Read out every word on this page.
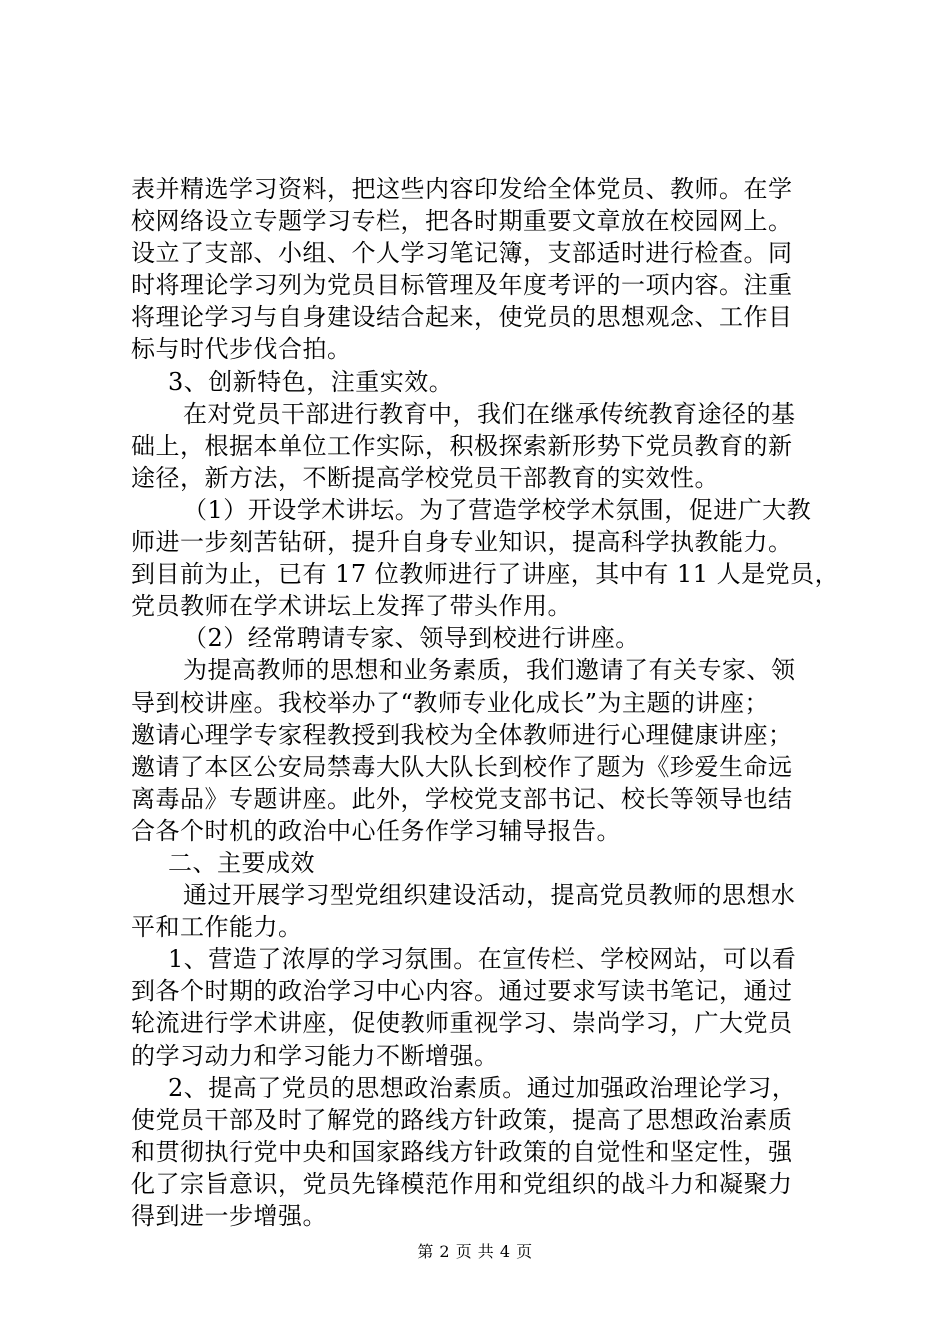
表并精选学习资料，把这些内容印发给全体党员、教师。在学
校网络设立专题学习专栏，把各时期重要文章放在校园网上。
设立了支部、小组、个人学习笔记簿，支部适时进行检查。同
时将理论学习列为党员目标管理及年度考评的一项内容。注重
将理论学习与自身建设结合起来，使党员的思想观念、工作目
标与时代步伐合拍。
3、创新特色，注重实效。
在对党员干部进行教育中，我们在继承传统教育途径的基
础上，根据本单位工作实际，积极探索新形势下党员教育的新
途径，新方法，不断提高学校党员干部教育的实效性。
（1）开设学术讲坛。为了营造学校学术氛围，促进广大教
师进一步刻苦钻研，提升自身专业知识，提高科学执教能力。
到目前为止，已有 17 位教师进行了讲座，其中有 11 人是党员，
党员教师在学术讲坛上发挥了带头作用。
（2）经常聘请专家、领导到校进行讲座。
为提高教师的思想和业务素质，我们邀请了有关专家、领
导到校讲座。我校举办了“教师专业化成长”为主题的讲座；
邀请心理学专家程教授到我校为全体教师进行心理健康讲座；
邀请了本区公安局禁毒大队大队长到校作了题为《珍爱生命远
离毒品》专题讲座。此外，学校党支部书记、校长等领导也结
合各个时机的政治中心任务作学习辅导报告。
二、主要成效
通过开展学习型党组织建设活动，提高党员教师的思想水
平和工作能力。
1、营造了浓厚的学习氛围。在宣传栏、学校网站，可以看
到各个时期的政治学习中心内容。通过要求写读书笔记，通过
轮流进行学术讲座，促使教师重视学习、崇尚学习，广大党员
的学习动力和学习能力不断增强。
2、提高了党员的思想政治素质。通过加强政治理论学习，
使党员干部及时了解党的路线方针政策，提高了思想政治素质
和贯彻执行党中央和国家路线方针政策的自觉性和坚定性，强
化了宗旨意识，党员先锋模范作用和党组织的战斗力和凝聚力
得到进一步增强。
第 2 页 共 4 页
